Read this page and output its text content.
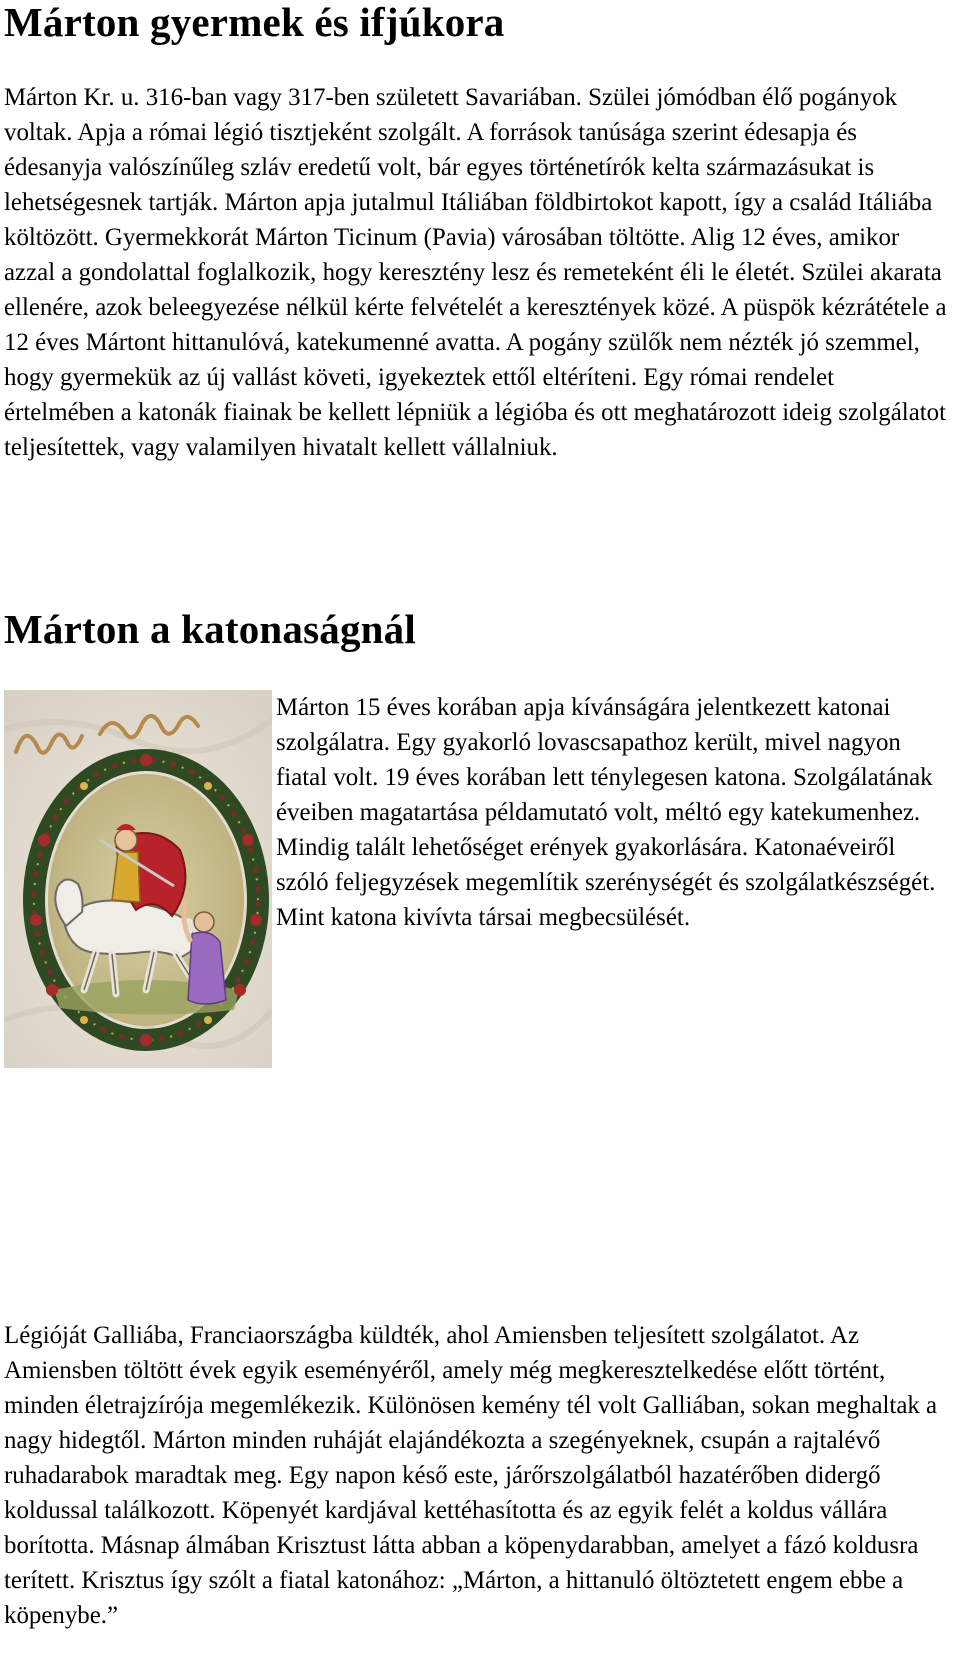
Márton gyermek és ifjúkora

Márton Kr. u. 316-ban vagy 317-ben született Savariában. Szülei jómódban élő pogányok voltak. Apja a római légió tisztjeként szolgált. A források tanúsága szerint édesapja és édesanyja valószínűleg szláv eredetű volt, bár egyes történetírók kelta származásukat is lehetségesnek tartják. Márton apja jutalmul Itáliában földbirtokot kapott, így a család Itáliába költözött. Gyermekkorát Márton Ticinum (Pavia) városában töltötte. Alig 12 éves, amikor azzal a gondolattal foglalkozik, hogy keresztény lesz és remeteként éli le életét. Szülei akarata ellenére, azok beleegyezése nélkül kérte felvételét a keresztények közé. A püspök kézrátétele a 12 éves Mártont hittanulóvá, katekumenné avatta. A pogány szülők nem nézték jó szemmel, hogy gyermekük az új vallást követi, igyekeztek ettől eltéríteni. Egy római rendelet értelmében a katonák fiainak be kellett lépniük a légióba és ott meghatározott ideig szolgálatot teljesítettek, vagy valamilyen hivatalt kellett vállalniuk.

Márton a katonaságnál

Márton 15 éves korában apja kívánságára jelentkezett katonai szolgálatra. Egy gyakorló lovascsapathoz került, mivel nagyon fiatal volt. 19 éves korában lett ténylegesen katona. Szolgálatának éveiben magatartása példamutató volt, méltó egy katekumenhez. Mindig talált lehetőséget erények gyakorlására. Katonaéveiről szóló feljegyzések megemlítik szerénységét és szolgálatkészségét. Mint katona kivívta társai megbecsülését.

Légióját Galliába, Franciaországba küldték, ahol Amiensben teljesített szolgálatot. Az Amiensben töltött évek egyik eseményéről, amely még megkeresztelkedése előtt történt, minden életrajzírója megemlékezik. Különösen kemény tél volt Galliában, sokan meghaltak a nagy hidegtől. Márton minden ruháját elajándékozta a szegényeknek, csupán a rajtalévő ruhadarabok maradtak meg. Egy napon késő este, járőrszolgálatból hazatérőben didergő koldussal találkozott. Köpenyét kardjával kettéhasította és az egyik felét a koldus vállára borította. Másnap álmában Krisztust látta abban a köpenydarabban, amelyet a fázó koldusra terített. Krisztus így szólt a fiatal katonához: „Márton, a hittanuló öltöztetett engem ebbe a köpenybe.”
